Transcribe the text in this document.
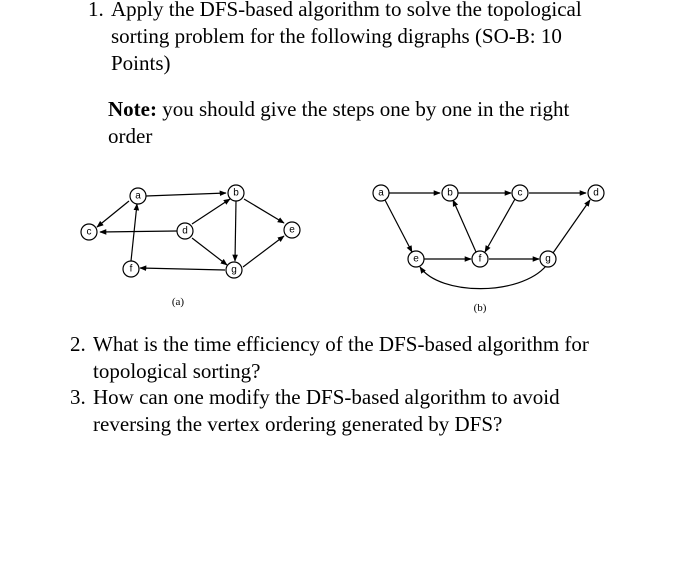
1. Apply the DFS-based algorithm to solve the topological
sorting problem for the following digraphs (SO-B: 10
Points)
Note: you should give the steps one by one in the right
order
a	b
c	d	e
f	g
(a)
a	b	c	d
e	f	g
(b)
2. What is the time efficiency of the DFS-based algorithm for
topological sorting?
3. How can one modify the DFS-based algorithm to avoid
reversing the vertex ordering generated by DFS?
